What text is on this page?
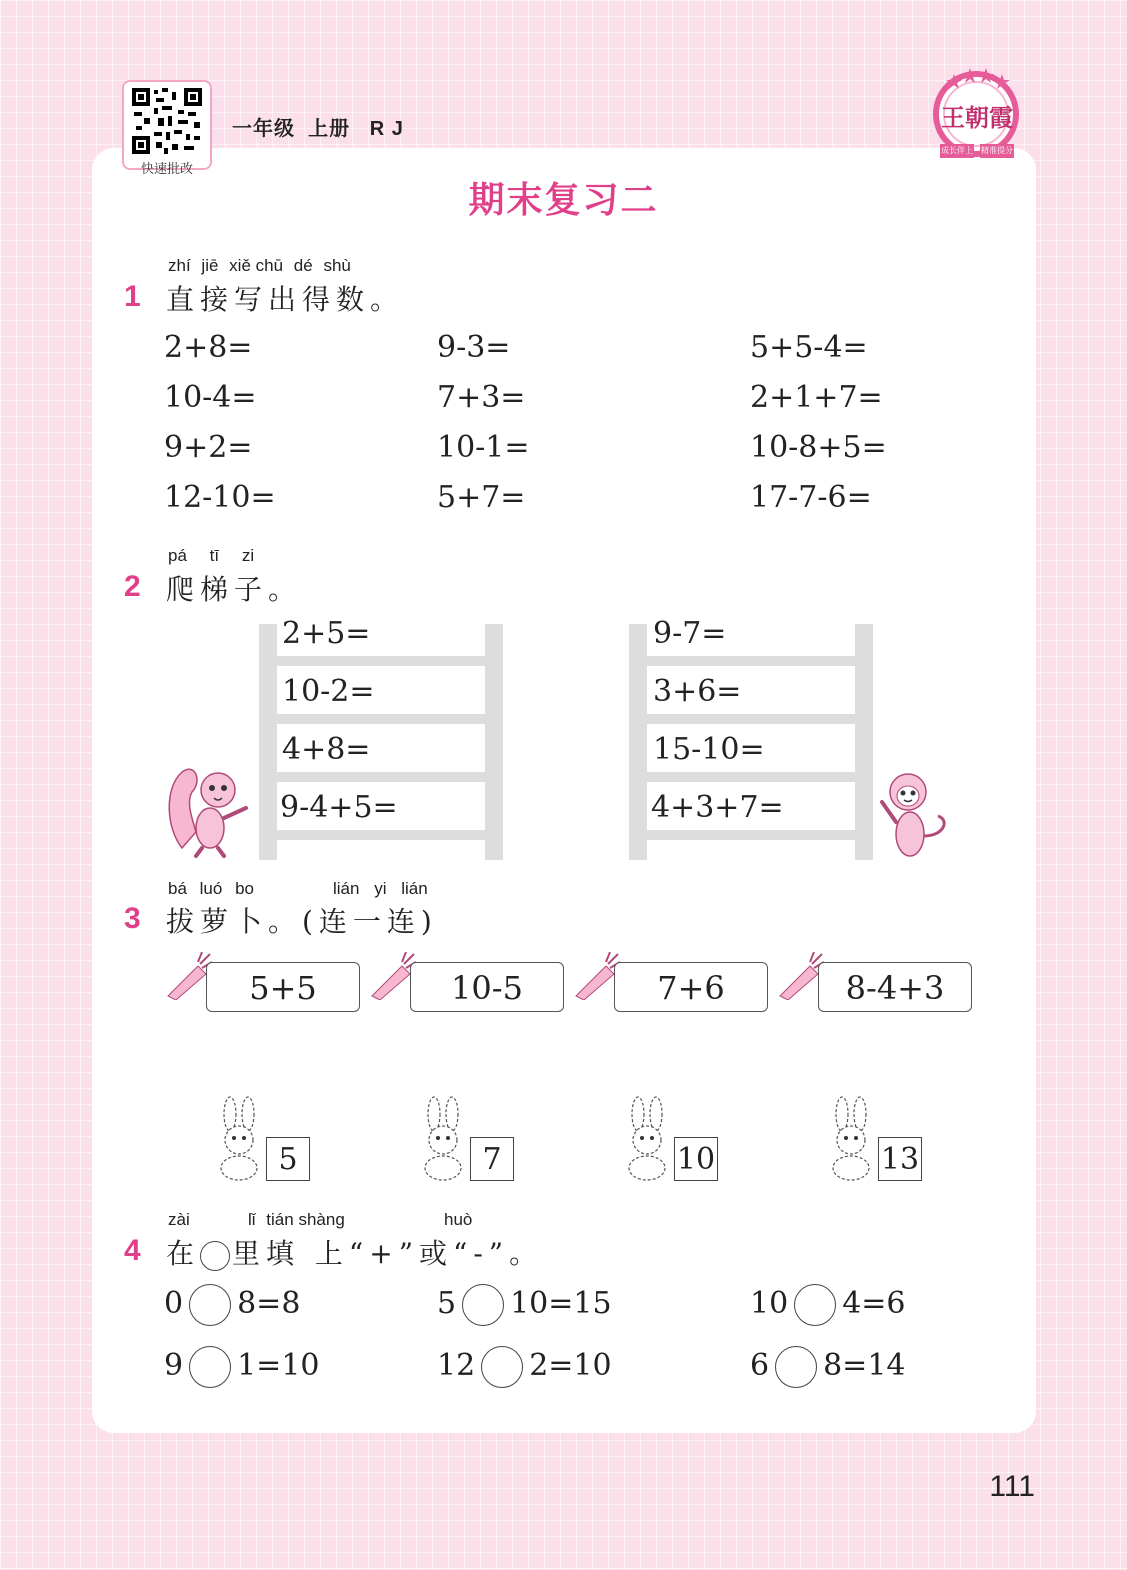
快速批改
一年级  上册   R J	王朝霞
成长伴上 精准提分
期末复习二
zhí jiē xiě chū dé shù
1 直接写出得数。
2+8=	9-3=	5+5-4=
10-4=	7+3=	2+1+7=
9+2=	10-1=	10-8+5=
12-10=	5+7=	17-7-6=
pá tī zi
2 爬梯子。
2+5=
10-2=
4+8=
9-4+5=
9-7=
3+6=
15-10=
4+3+7=
bá luó bo	lián yi lián
3 拔萝卜。(连一连)
5+5	10-5	7+6	8-4+3
5	7	10	13
zài	lǐ tián shàng	huò
4 在 里填 上“+”或“-”。
0 8=8	5 10=15	10 4=6
9 1=10	12 2=10	6 8=14
111
